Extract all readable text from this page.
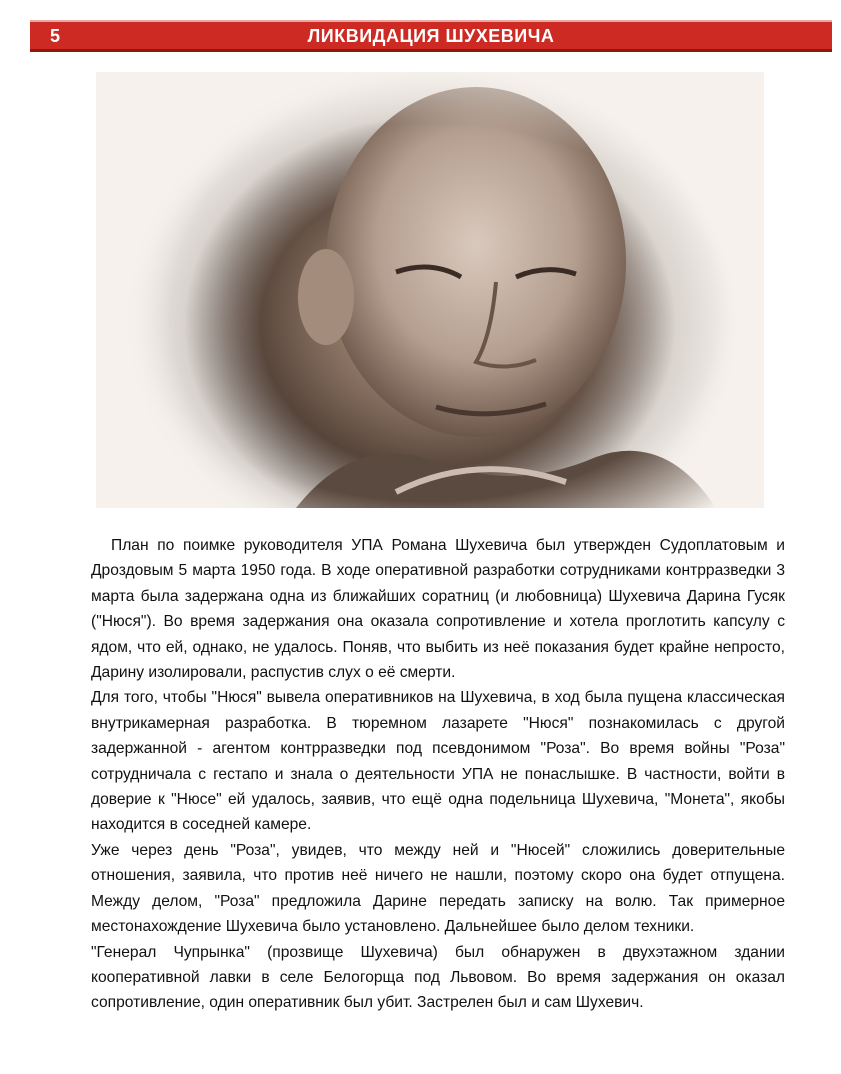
5	ЛИКВИДАЦИЯ ШУХЕВИЧА

План по поимке руководителя УПА Романа Шухевича был утвержден Судоплатовым и Дроздовым 5 марта 1950 года. В ходе оперативной разработки сотрудниками контрразведки 3 марта была задержана одна из ближайших соратниц (и любовница) Шухевича Дарина Гусяк ("Нюся"). Во время задержания она оказала сопротивление и хотела проглотить капсулу с ядом, что ей, однако, не удалось. Поняв, что выбить из неё показания будет крайне непросто, Дарину изолировали, распустив слух о её смерти.

Для того, чтобы "Нюся" вывела оперативников на Шухевича, в ход была пущена классическая внутрикамерная разработка. В тюремном лазарете "Нюся" познакомилась с другой задержанной - агентом контрразведки под псевдонимом "Роза". Во время войны "Роза" сотрудничала с гестапо и знала о деятельности УПА не понаслышке. В частности, войти в доверие к "Нюсе" ей удалось, заявив, что ещё одна подельница Шухевича, "Монета", якобы находится в соседней камере.

Уже через день "Роза", увидев, что между ней и "Нюсей" сложились доверительные отношения, заявила, что против неё ничего не нашли, поэтому скоро она будет отпущена. Между делом, "Роза" предложила Дарине передать записку на волю. Так примерное местонахождение Шухевича было установлено. Дальнейшее было делом техники.

"Генерал Чупрынка" (прозвище Шухевича) был обнаружен в двухэтажном здании кооперативной лавки в селе Белогорща под Львовом. Во время задержания он оказал сопротивление, один оперативник был убит. Застрелен был и сам Шухевич.
